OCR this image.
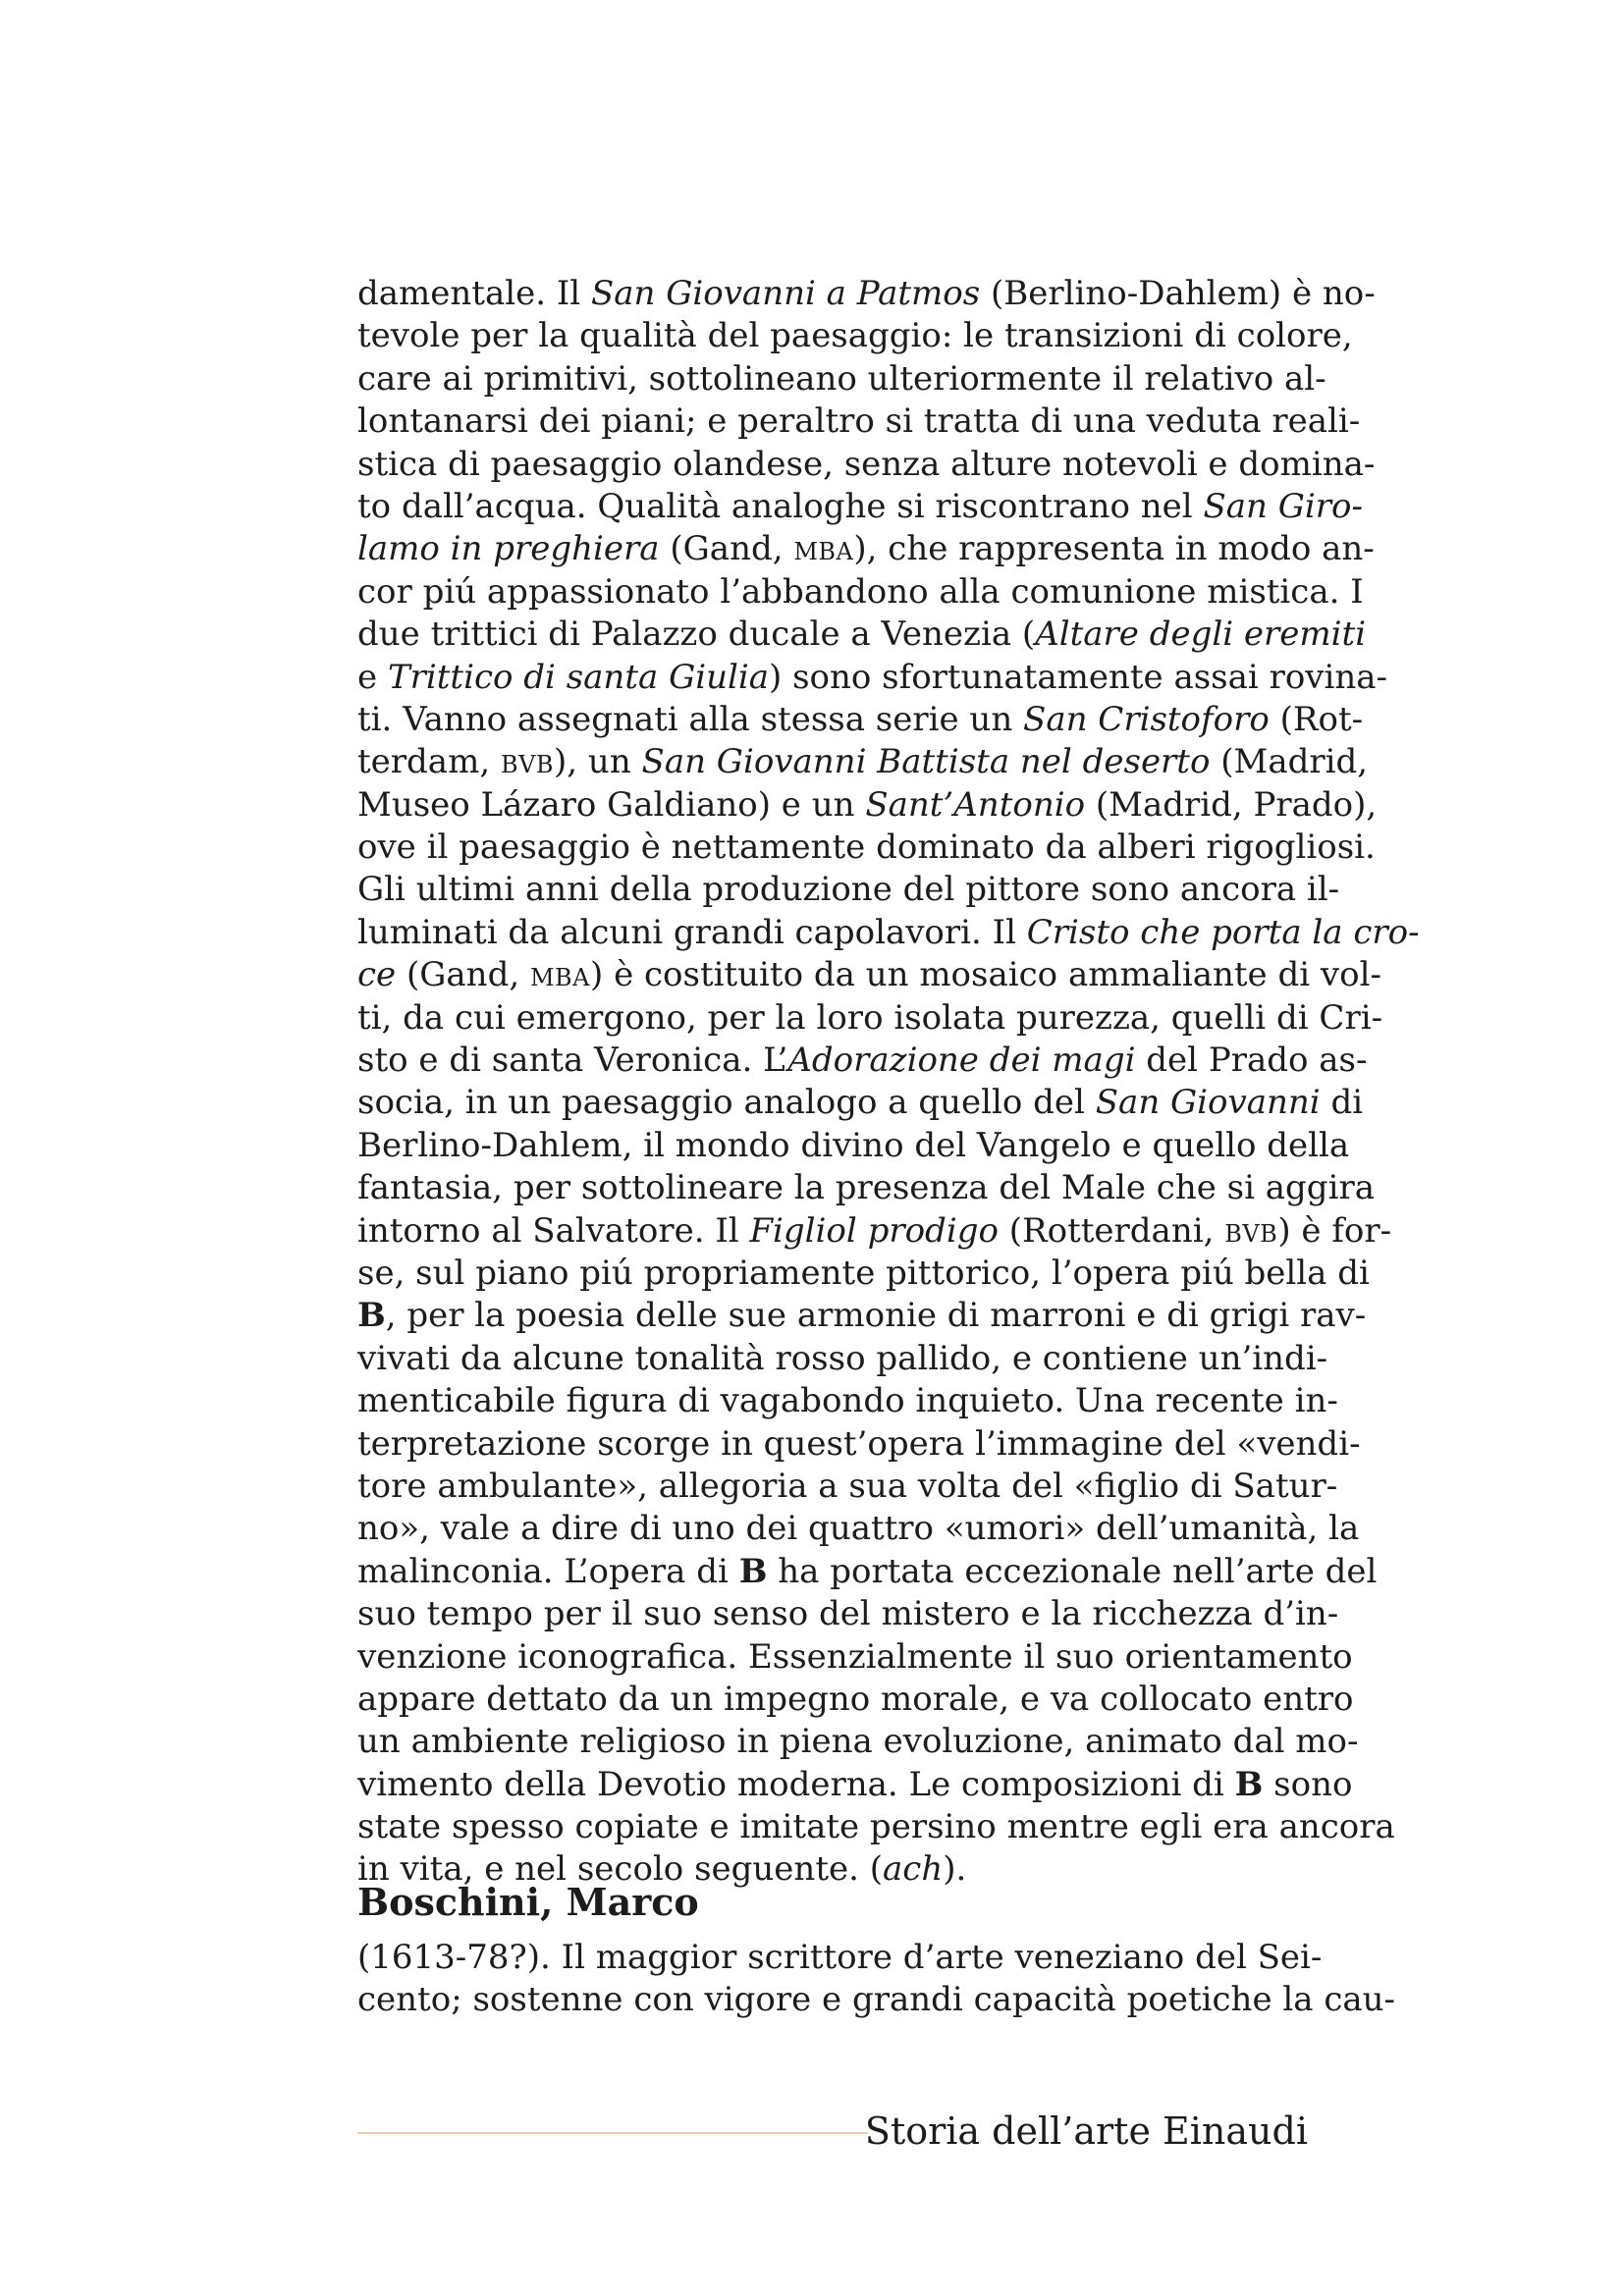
damentale. Il San Giovanni a Patmos (Berlino-Dahlem) è no-
tevole per la qualità del paesaggio: le transizioni di colore,
care ai primitivi, sottolineano ulteriormente il relativo al-
lontanarsi dei piani; e peraltro si tratta di una veduta reali-
stica di paesaggio olandese, senza alture notevoli e domina-
to dall’acqua. Qualità analoghe si riscontrano nel San Giro-
lamo in preghiera (Gand, MBA), che rappresenta in modo an-
cor piú appassionato l’abbandono alla comunione mistica. I
due trittici di Palazzo ducale a Venezia (Altare degli eremiti
e Trittico di santa Giulia) sono sfortunatamente assai rovina-
ti. Vanno assegnati alla stessa serie un San Cristoforo (Rot-
terdam, BVB), un San Giovanni Battista nel deserto (Madrid,
Museo Lázaro Galdiano) e un Sant’Antonio (Madrid, Prado),
ove il paesaggio è nettamente dominato da alberi rigogliosi.
Gli ultimi anni della produzione del pittore sono ancora il-
luminati da alcuni grandi capolavori. Il Cristo che porta la cro-
ce (Gand, MBA) è costituito da un mosaico ammaliante di vol-
ti, da cui emergono, per la loro isolata purezza, quelli di Cri-
sto e di santa Veronica. L’Adorazione dei magi del Prado as-
socia, in un paesaggio analogo a quello del San Giovanni di
Berlino-Dahlem, il mondo divino del Vangelo e quello della
fantasia, per sottolineare la presenza del Male che si aggira
intorno al Salvatore. Il Figliol prodigo (Rotterdani, BVB) è for-
se, sul piano piú propriamente pittorico, l’opera piú bella di
B, per la poesia delle sue armonie di marroni e di grigi rav-
vivati da alcune tonalità rosso pallido, e contiene un’indi-
menticabile figura di vagabondo inquieto. Una recente in-
terpretazione scorge in quest’opera l’immagine del «vendi-
tore ambulante», allegoria a sua volta del «figlio di Satur-
no», vale a dire di uno dei quattro «umori» dell’umanità, la
malinconia. L’opera di B ha portata eccezionale nell’arte del
suo tempo per il suo senso del mistero e la ricchezza d’in-
venzione iconografica. Essenzialmente il suo orientamento
appare dettato da un impegno morale, e va collocato entro
un ambiente religioso in piena evoluzione, animato dal mo-
vimento della Devotio moderna. Le composizioni di B sono
state spesso copiate e imitate persino mentre egli era ancora
in vita, e nel secolo seguente. (ach).
Boschini, Marco
(1613-78?). Il maggior scrittore d’arte veneziano del Sei-
cento; sostenne con vigore e grandi capacità poetiche la cau-
Storia dell’arte Einaudi
